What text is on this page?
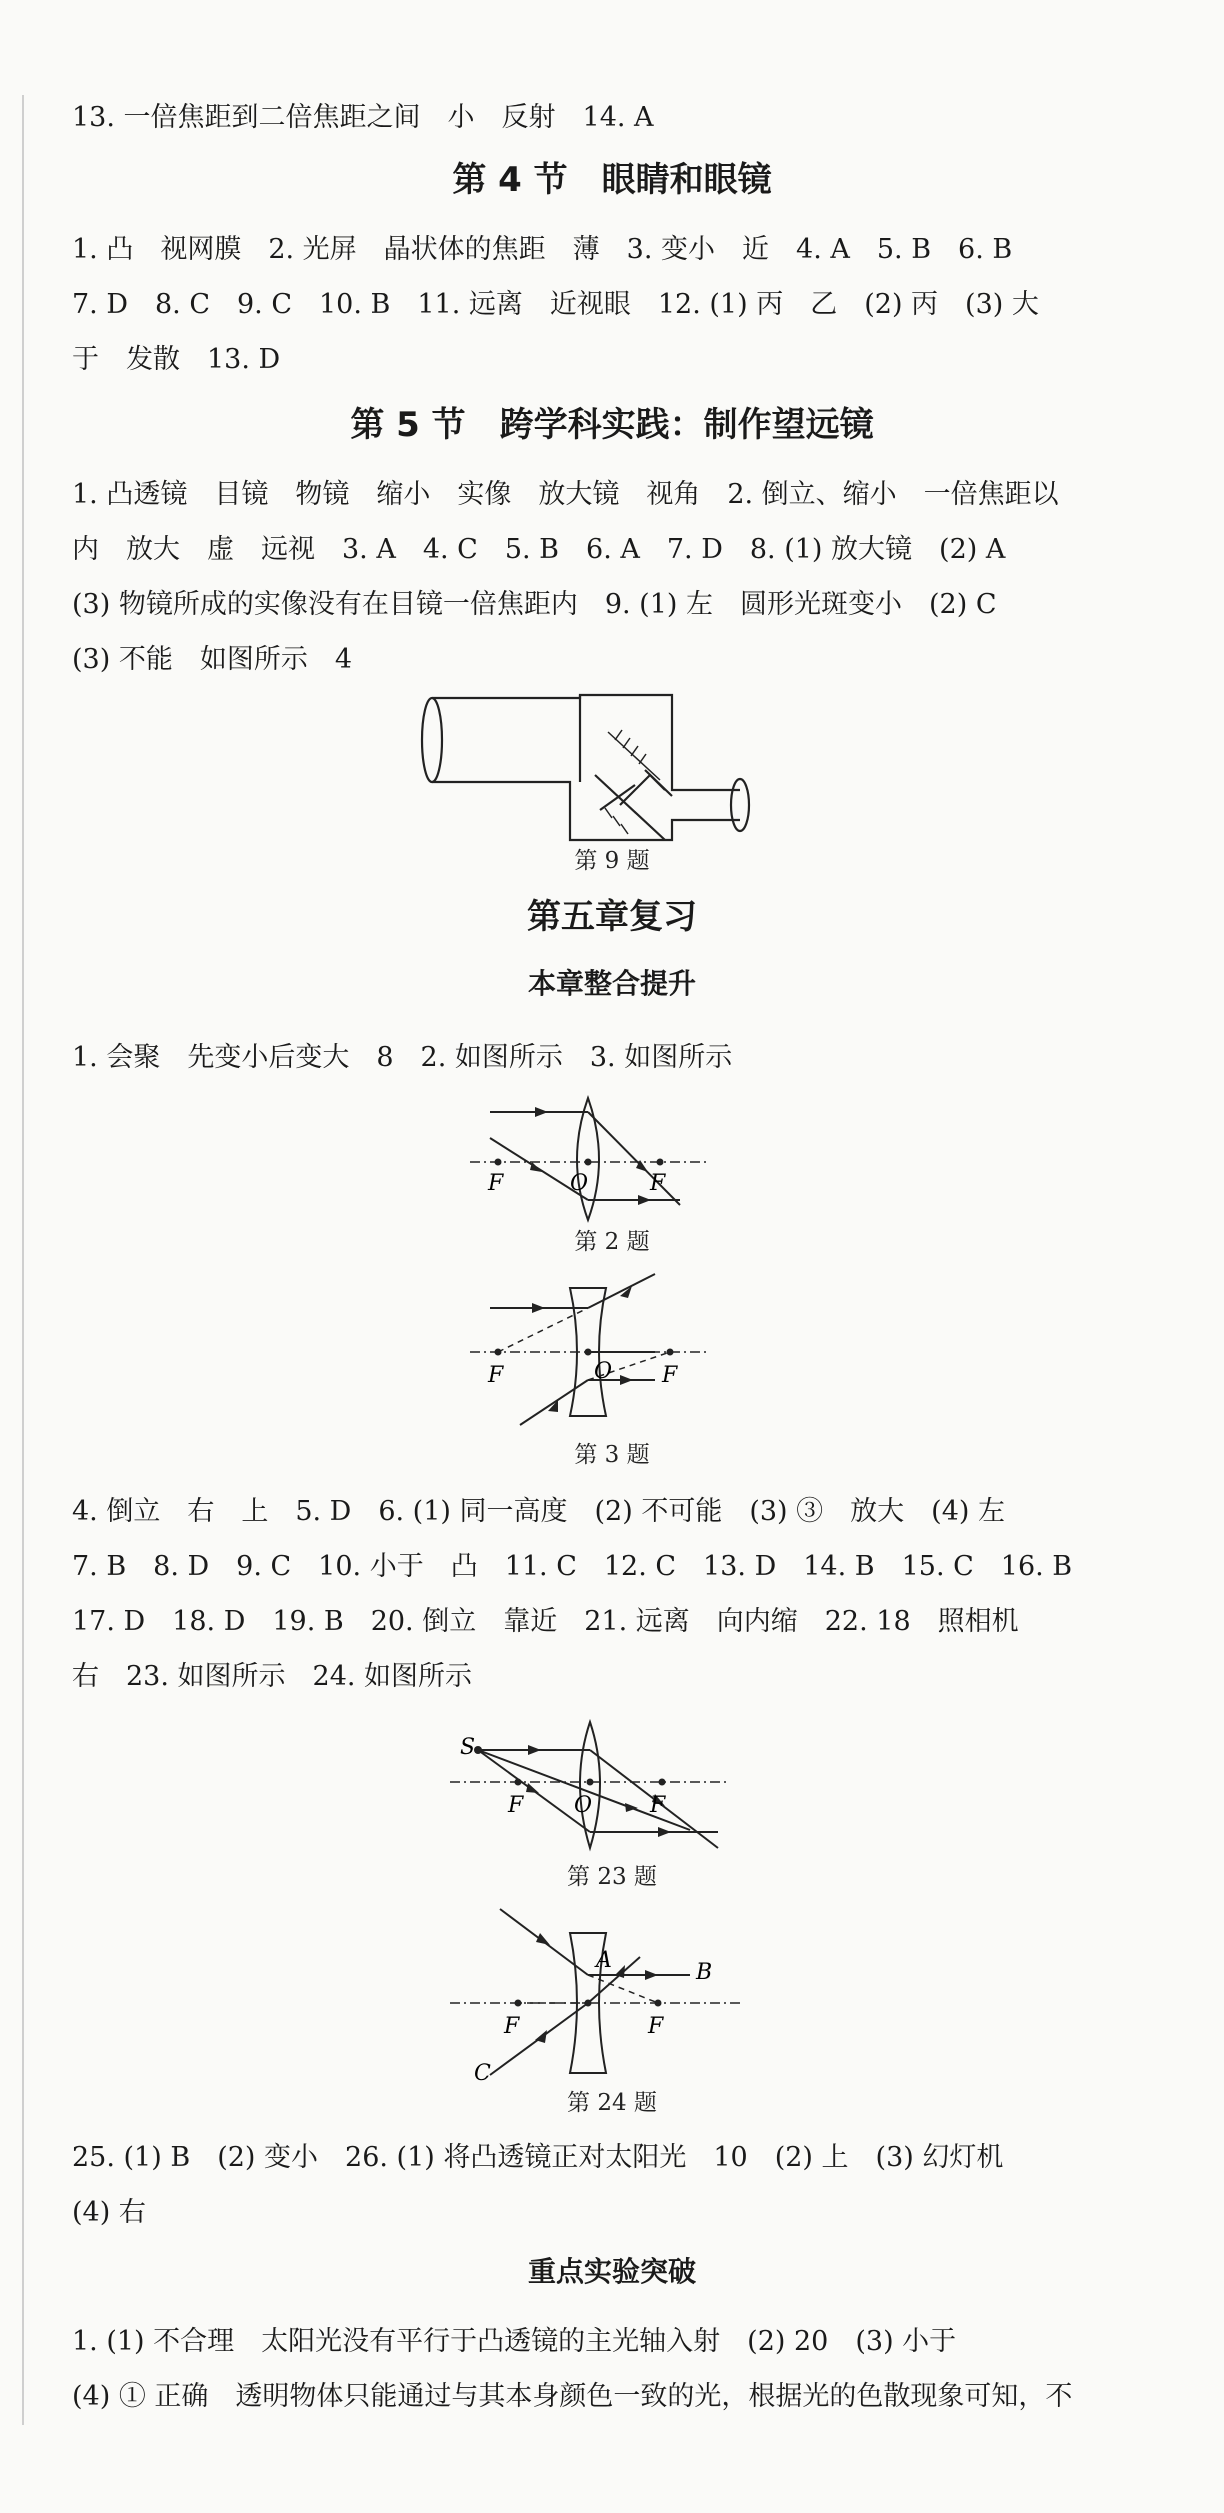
13. 一倍焦距到二倍焦距之间　小　反射　14. A
第 4 节　眼睛和眼镜
1. 凸　视网膜　2. 光屏　晶状体的焦距　薄　3. 变小　近　4. A　5. B　6. B
7. D　8. C　9. C　10. B　11. 远离　近视眼　12. (1) 丙　乙　(2) 丙　(3) 大
于　发散　13. D
第 5 节　跨学科实践：制作望远镜
1. 凸透镜　目镜　物镜　缩小　实像　放大镜　视角　2. 倒立、缩小　一倍焦距以
内　放大　虚　远视　3. A　4. C　5. B　6. A　7. D　8. (1) 放大镜　(2) A
(3) 物镜所成的实像没有在目镜一倍焦距内　9. (1) 左　圆形光斑变小　(2) C
(3) 不能　如图所示　4
第 9 题
第五章复习
本章整合提升
1. 会聚　先变小后变大　8　2. 如图所示　3. 如图所示
F	O	F
第 2 题
F	O F
第 3 题
4. 倒立　右　上　5. D　6. (1) 同一高度　(2) 不可能　(3) ③　放大　(4) 左
7. B　8. D　9. C　10. 小于　凸　11. C　12. C　13. D　14. B　15. C　16. B
17. D　18. D　19. B　20. 倒立　靠近　21. 远离　向内缩　22. 18　照相机
右　23. 如图所示　24. 如图所示
S
F O	F
第 23 题
A	B
C
F	F
第 24 题
25. (1) B　(2) 变小　26. (1) 将凸透镜正对太阳光　10　(2) 上　(3) 幻灯机
(4) 右
重点实验突破
1. (1) 不合理　太阳光没有平行于凸透镜的主光轴入射　(2) 20　(3) 小于
(4) ① 正确　透明物体只能通过与其本身颜色一致的光，根据光的色散现象可知，不
